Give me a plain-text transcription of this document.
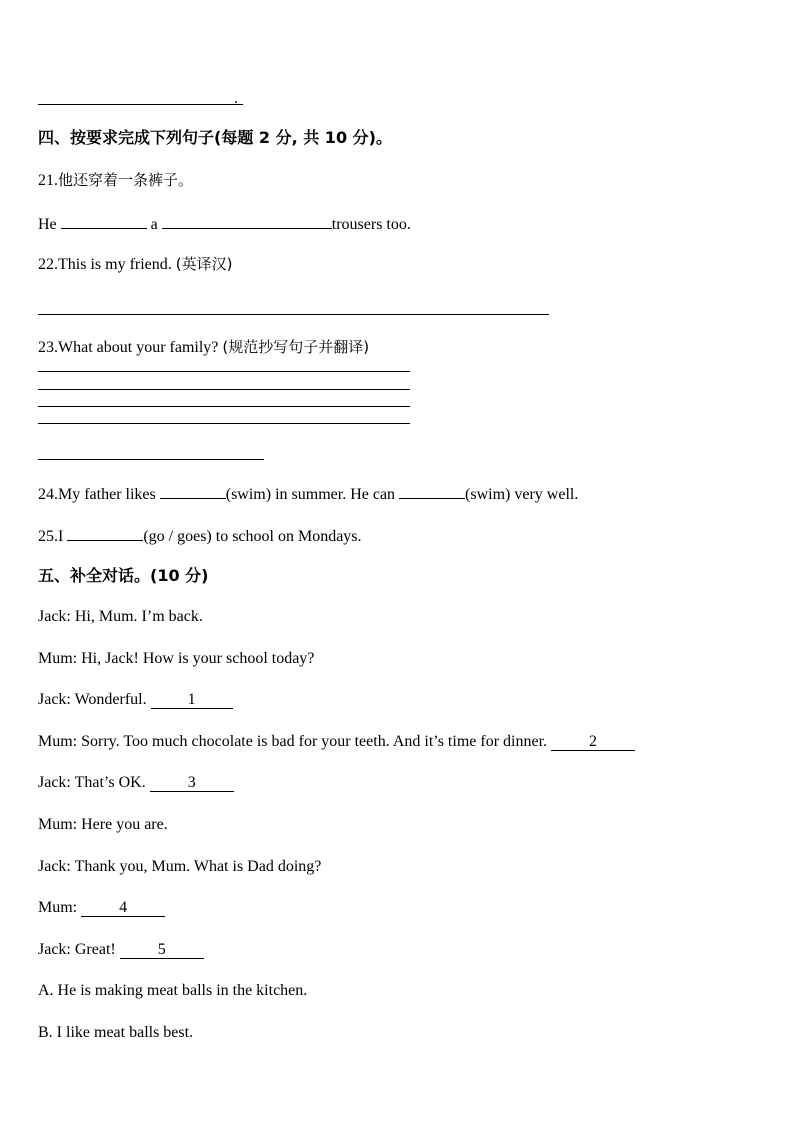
.
四、按要求完成下列句子(每题 2 分, 共 10 分)。
21.他还穿着一条裤子。
He	a	trousers too.
22.This is my friend. (英译汉)
23.What about your family? (规范抄写句子并翻译)
24.My father likes	(swim) in summer. He can	(swim) very well.
25.I	(go / goes) to school on Mondays.
五、补全对话。(10 分)
Jack: Hi, Mum. I’m back.
Mum: Hi, Jack! How is your school today?
Jack: Wonderful.	1
Mum: Sorry. Too much chocolate is bad for your teeth. And it’s time for dinner.	2
Jack: That’s OK.	3
Mum: Here you are.
Jack: Thank you, Mum. What is Dad doing?
Mum:	4
Jack: Great!	5
A. He is making meat balls in the kitchen.
B. I like meat balls best.
